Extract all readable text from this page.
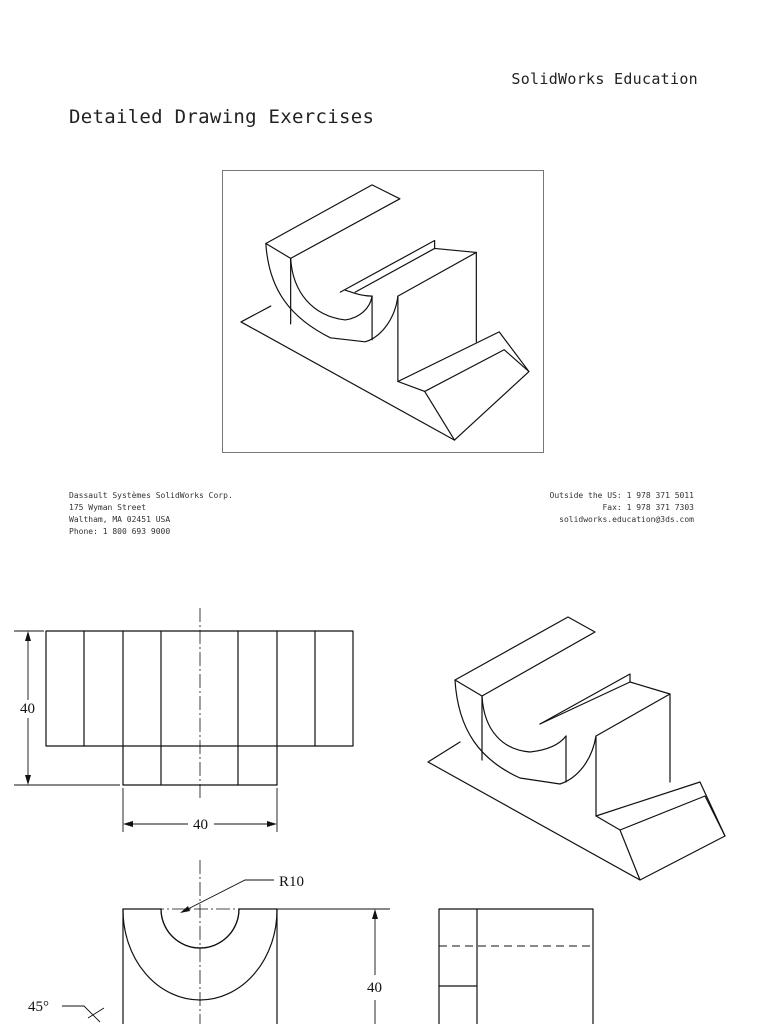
SolidWorks Education
Detailed Drawing Exercises
Dassault Systèmes SolidWorks Corp.
175 Wyman Street
Waltham, MA 02451 USA
Phone: 1 800 693 9000
Outside the US: 1 978 371 5011
Fax: 1 978 371 7303
solidworks.education@3ds.com
40
40
40
R10
45°
